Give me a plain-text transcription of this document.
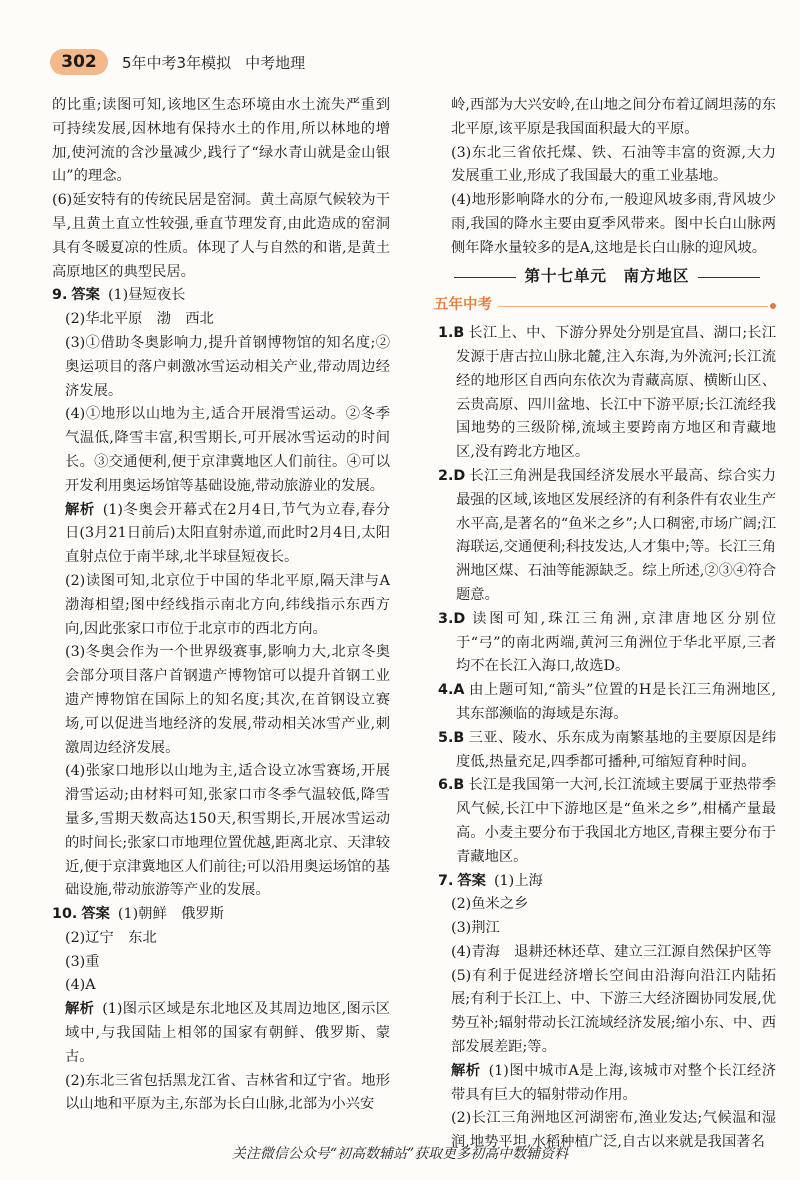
302	5年中考3年模拟 中考地理

的比重;读图可知,该地区生态环境由水土流失严重到可持续发展,因林地有保持水土的作用,所以林地的增加,使河流的含沙量减少,践行了“绿水青山就是金山银山”的理念。

(6)延安特有的传统民居是窑洞。黄土高原气候较为干旱,且黄土直立性较强,垂直节理发育,由此造成的窑洞具有冬暖夏凉的性质。体现了人与自然的和谐,是黄土高原地区的典型民居。

9. 答案 (1)昼短夜长

(2)华北平原　渤　西北

(3)①借助冬奥影响力,提升首钢博物馆的知名度;②奥运项目的落户刺激冰雪运动相关产业,带动周边经济发展。

(4)①地形以山地为主,适合开展滑雪运动。②冬季气温低,降雪丰富,积雪期长,可开展冰雪运动的时间长。③交通便利,便于京津冀地区人们前往。④可以开发利用奥运场馆等基础设施,带动旅游业的发展。

解析 (1)冬奥会开幕式在2月4日,节气为立春,春分日(3月21日前后)太阳直射赤道,而此时2月4日,太阳直射点位于南半球,北半球昼短夜长。

(2)读图可知,北京位于中国的华北平原,隔天津与A渤海相望;图中经线指示南北方向,纬线指示东西方向,因此张家口市位于北京市的西北方向。

(3)冬奥会作为一个世界级赛事,影响力大,北京冬奥会部分项目落户首钢遗产博物馆可以提升首钢工业遗产博物馆在国际上的知名度;其次,在首钢设立赛场,可以促进当地经济的发展,带动相关冰雪产业,刺激周边经济发展。

(4)张家口地形以山地为主,适合设立冰雪赛场,开展滑雪运动;由材料可知,张家口市冬季气温较低,降雪量多,雪期天数高达150天,积雪期长,开展冰雪运动的时间长;张家口市地理位置优越,距离北京、天津较近,便于京津冀地区人们前往;可以沿用奥运场馆的基础设施,带动旅游等产业的发展。

10. 答案 (1)朝鲜　俄罗斯

(2)辽宁　东北

(3)重

(4)A

解析 (1)图示区域是东北地区及其周边地区,图示区域中,与我国陆上相邻的国家有朝鲜、俄罗斯、蒙古。

(2)东北三省包括黑龙江省、吉林省和辽宁省。地形以山地和平原为主,东部为长白山脉,北部为小兴安

岭,西部为大兴安岭,在山地之间分布着辽阔坦荡的东北平原,该平原是我国面积最大的平原。

(3)东北三省依托煤、铁、石油等丰富的资源,大力发展重工业,形成了我国最大的重工业基地。

(4)地形影响降水的分布,一般迎风坡多雨,背风坡少雨,我国的降水主要由夏季风带来。图中长白山脉两侧年降水量较多的是A,这地是长白山脉的迎风坡。

第十七单元　南方地区
五年中考

1.B 长江上、中、下游分界处分别是宜昌、湖口;长江发源于唐古拉山脉北麓,注入东海,为外流河;长江流经的地形区自西向东依次为青藏高原、横断山区、云贵高原、四川盆地、长江中下游平原;长江流经我国地势的三级阶梯,流域主要跨南方地区和青藏地区,没有跨北方地区。

2.D 长江三角洲是我国经济发展水平最高、综合实力最强的区域,该地区发展经济的有利条件有农业生产水平高,是著名的“鱼米之乡”;人口稠密,市场广阔;江海联运,交通便利;科技发达,人才集中;等。长江三角洲地区煤、石油等能源缺乏。综上所述,②③④符合题意。

3.D 读图可知,珠江三角洲,京津唐地区分别位于“弓”的南北两端,黄河三角洲位于华北平原,三者均不在长江入海口,故选D。

4.A 由上题可知,“箭头”位置的H是长江三角洲地区,其东部濒临的海域是东海。

5.B 三亚、陵水、乐东成为南繁基地的主要原因是纬度低,热量充足,四季都可播种,可缩短育种时间。

6.B 长江是我国第一大河,长江流域主要属于亚热带季风气候,长江中下游地区是“鱼米之乡”,柑橘产量最高。小麦主要分布于我国北方地区,青稞主要分布于青藏地区。

7. 答案 (1)上海

(2)鱼米之乡

(3)荆江

(4)青海　退耕还林还草、建立三江源自然保护区等

(5)有利于促进经济增长空间由沿海向沿江内陆拓展;有利于长江上、中、下游三大经济圈协同发展,优势互补;辐射带动长江流域经济发展;缩小东、中、西部发展差距;等。

解析 (1)图中城市A是上海,该城市对整个长江经济带具有巨大的辐射带动作用。

(2)长江三角洲地区河湖密布,渔业发达;气候温和湿润,地势平坦,水稻种植广泛,自古以来就是我国著名

关注微信公众号“初高数辅站”获取更多初高中数辅资料
